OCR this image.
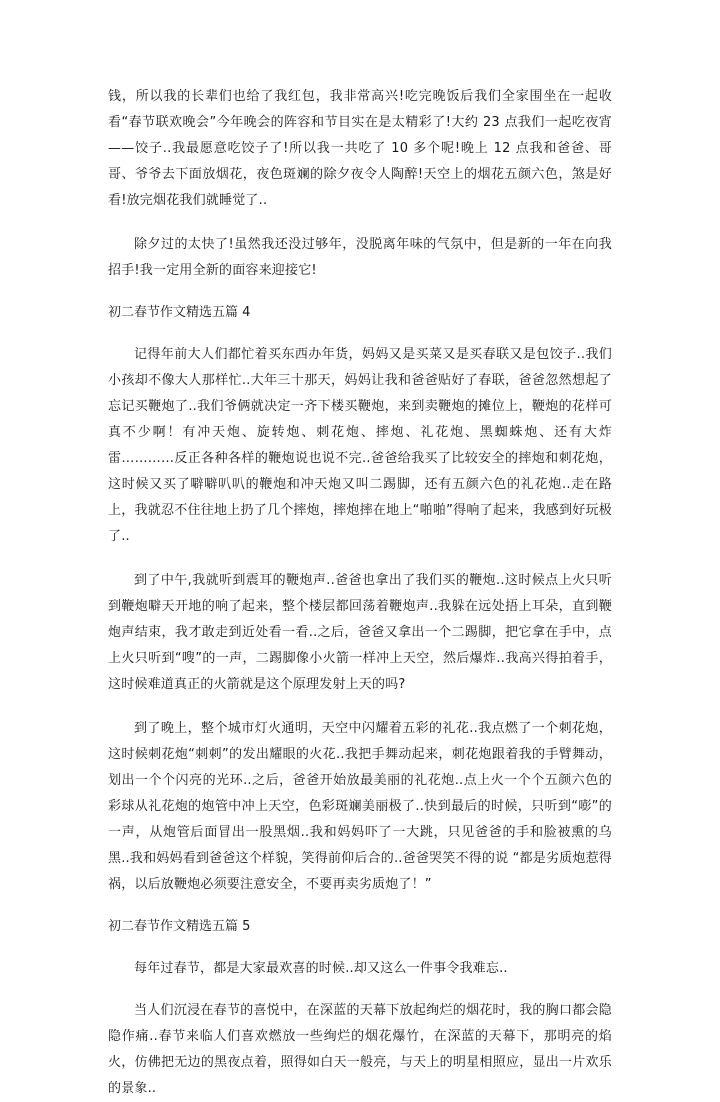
钱，所以我的长辈们也给了我红包，我非常高兴!吃完晚饭后我们全家围坐在一起收看“春节联欢晚会”今年晚会的阵容和节目实在是太精彩了!大约 23 点我们一起吃夜宵——饺子..我最愿意吃饺子了!所以我一共吃了 10 多个呢!晚上 12 点我和爸爸、哥哥、爷爷去下面放烟花，夜色斑斓的除夕夜令人陶醉!天空上的烟花五颜六色，煞是好看!放完烟花我们就睡觉了..

除夕过的太快了!虽然我还没过够年，没脱离年味的气氛中，但是新的一年在向我招手!我一定用全新的面容来迎接它!

初二春节作文精选五篇 4

记得年前大人们都忙着买东西办年货，妈妈又是买菜又是买春联又是包饺子..我们小孩却不像大人那样忙..大年三十那天，妈妈让我和爸爸贴好了春联，爸爸忽然想起了忘记买鞭炮了..我们爷俩就决定一齐下楼买鞭炮，来到卖鞭炮的摊位上，鞭炮的花样可真不少啊！有冲天炮、旋转炮、刺花炮、摔炮、礼花炮、黑蜘蛛炮、还有大炸雷…………反正各种各样的鞭炮说也说不完..爸爸给我买了比较安全的摔炮和刺花炮，这时候又买了噼噼叭叭的鞭炮和冲天炮又叫二踢脚，还有五颜六色的礼花炮..走在路上，我就忍不住往地上扔了几个摔炮，摔炮摔在地上“啪啪”得响了起来，我感到好玩极了..

到了中午,我就听到震耳的鞭炮声..爸爸也拿出了我们买的鞭炮..这时候点上火只听到鞭炮噼天开地的响了起来，整个楼层都回荡着鞭炮声..我躲在远处捂上耳朵，直到鞭炮声结束，我才敢走到近处看一看..之后，爸爸又拿出一个二踢脚，把它拿在手中，点上火只听到“嗖”的一声，二踢脚像小火箭一样冲上天空，然后爆炸..我高兴得拍着手，这时候难道真正的火箭就是这个原理发射上天的吗?

到了晚上，整个城市灯火通明，天空中闪耀着五彩的礼花..我点燃了一个刺花炮，这时候刺花炮“刺刺”的发出耀眼的火花..我把手舞动起来，刺花炮跟着我的手臂舞动，划出一个个闪亮的光环..之后，爸爸开始放最美丽的礼花炮..点上火一个个五颜六色的彩球从礼花炮的炮管中冲上天空，色彩斑斓美丽极了..快到最后的时候，只听到“嘭”的一声，从炮管后面冒出一股黑烟..我和妈妈吓了一大跳，只见爸爸的手和脸被熏的乌黑..我和妈妈看到爸爸这个样貌，笑得前仰后合的..爸爸哭笑不得的说 “都是劣质炮惹得祸，以后放鞭炮必须要注意安全，不要再卖劣质炮了！”

初二春节作文精选五篇 5

每年过春节，都是大家最欢喜的时候..却又这么一件事令我难忘..

当人们沉浸在春节的喜悦中，在深蓝的天幕下放起绚烂的烟花时，我的胸口都会隐隐作痛..春节来临人们喜欢燃放一些绚烂的烟花爆竹，在深蓝的天幕下，那明亮的焰火，仿佛把无边的黑夜点着，照得如白天一般亮，与天上的明星相照应，显出一片欢乐的景象..
